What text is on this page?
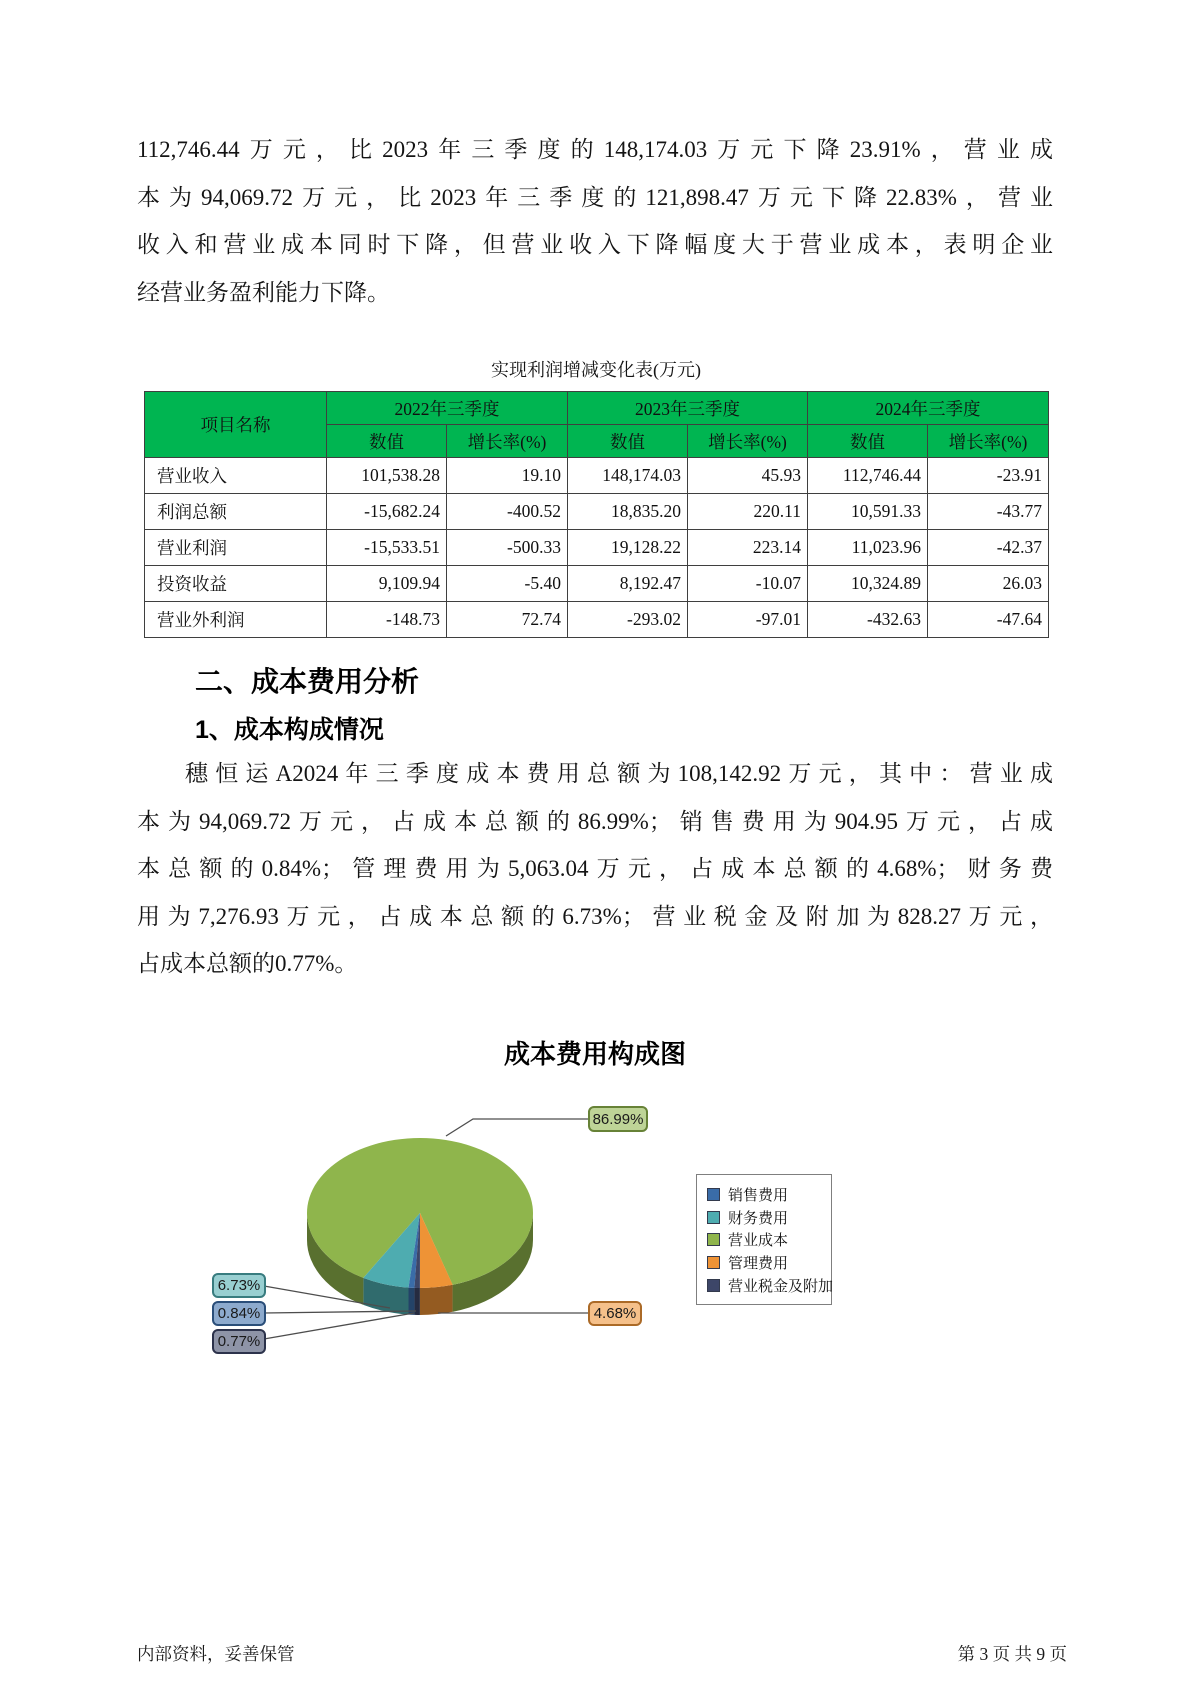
112,746.44万元，比2023年三季度的148,174.03万元下降23.91%，营业成
本为94,069.72万元，比2023年三季度的121,898.47万元下降22.83%，营业
收入和营业成本同时下降，但营业收入下降幅度大于营业成本，表明企业
经营业务盈利能力下降。
实现利润增减变化表(万元)
项目名称	2022年三季度		2023年三季度		2024年三季度	
	数值	增长率(%)	数值	增长率(%)	数值	增长率(%)
营业收入	101,538.28	19.10	148,174.03	45.93	112,746.44	-23.91
利润总额	-15,682.24	-400.52	18,835.20	220.11	10,591.33	-43.77
营业利润	-15,533.51	-500.33	19,128.22	223.14	11,023.96	-42.37
投资收益	9,109.94	-5.40	8,192.47	-10.07	10,324.89	26.03
营业外利润	-148.73	72.74	-293.02	-97.01	-432.63	-47.64
二、成本费用分析
1、成本构成情况
穗恒运A2024年三季度成本费用总额为108,142.92万元，其中：营业成
本为94,069.72万元，占成本总额的86.99%；销售费用为904.95万元，占成
本总额的0.84%；管理费用为5,063.04万元，占成本总额的4.68%；财务费
用为7,276.93万元，占成本总额的6.73%；营业税金及附加为828.27万元，
占成本总额的0.77%。
成本费用构成图
86.99%
6.73%
0.84%
0.77%
4.68%
销售费用
财务费用
营业成本
管理费用
营业税金及附加
内部资料，妥善保管	第 3 页 共 9 页
